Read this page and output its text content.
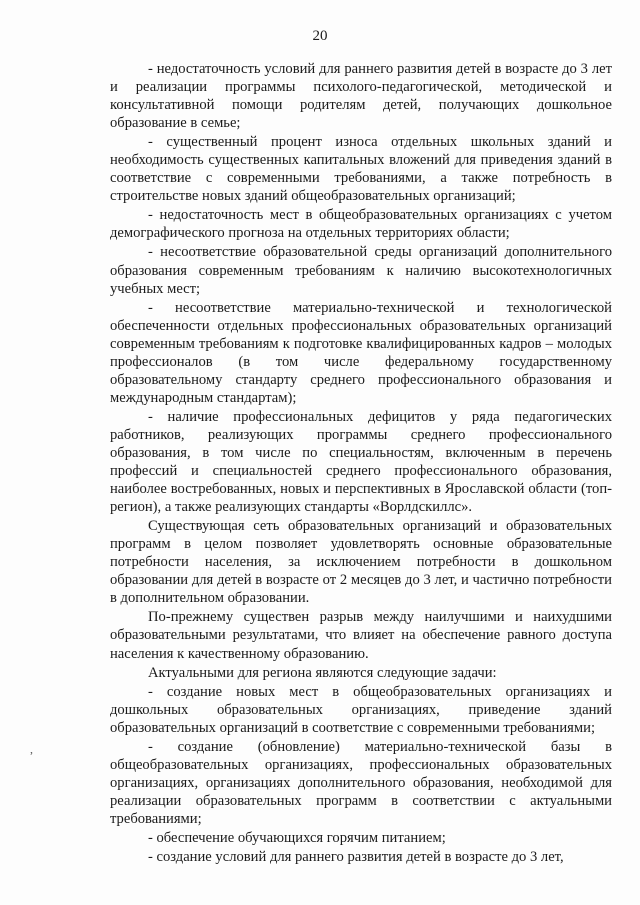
20

- недостаточность условий для раннего развития детей в возрасте до 3 лет и реализации программы психолого-педагогической, методической и консультативной помощи родителям детей, получающих дошкольное образование в семье;

- существенный процент износа отдельных школьных зданий и необходимость существенных капитальных вложений для приведения зданий в соответствие с современными требованиями, а также потребность в строительстве новых зданий общеобразовательных организаций;

- недостаточность мест в общеобразовательных организациях с учетом демографического прогноза на отдельных территориях области;

- несоответствие образовательной среды организаций дополнительного образования современным требованиям к наличию высокотехнологичных учебных мест;

- несоответствие материально-технической и технологической обеспеченности отдельных профессиональных образовательных организаций современным требованиям к подготовке квалифицированных кадров – молодых профессионалов (в том числе федеральному государственному образовательному стандарту среднего профессионального образования и международным стандартам);

- наличие профессиональных дефицитов у ряда педагогических работников, реализующих программы среднего профессионального образования, в том числе по специальностям, включенным в перечень профессий и специальностей среднего профессионального образования, наиболее востребованных, новых и перспективных в Ярославской области (топ-регион), а также реализующих стандарты «Ворлдскиллс».

Существующая сеть образовательных организаций и образовательных программ в целом позволяет удовлетворять основные образовательные потребности населения, за исключением потребности в дошкольном образовании для детей в возрасте от 2 месяцев до 3 лет, и частично потребности в дополнительном образовании.

По-прежнему существен разрыв между наилучшими и наихудшими образовательными результатами, что влияет на обеспечение равного доступа населения к качественному образованию.

Актуальными для региона являются следующие задачи:

- создание новых мест в общеобразовательных организациях и дошкольных образовательных организациях, приведение зданий образовательных организаций в соответствие с современными требованиями;

- создание (обновление) материально-технической базы в общеобразовательных организациях, профессиональных образовательных организациях, организациях дополнительного образования, необходимой для реализации образовательных программ в соответствии с актуальными требованиями;

- обеспечение обучающихся горячим питанием;

- создание условий для раннего развития детей в возрасте до 3 лет,

,
